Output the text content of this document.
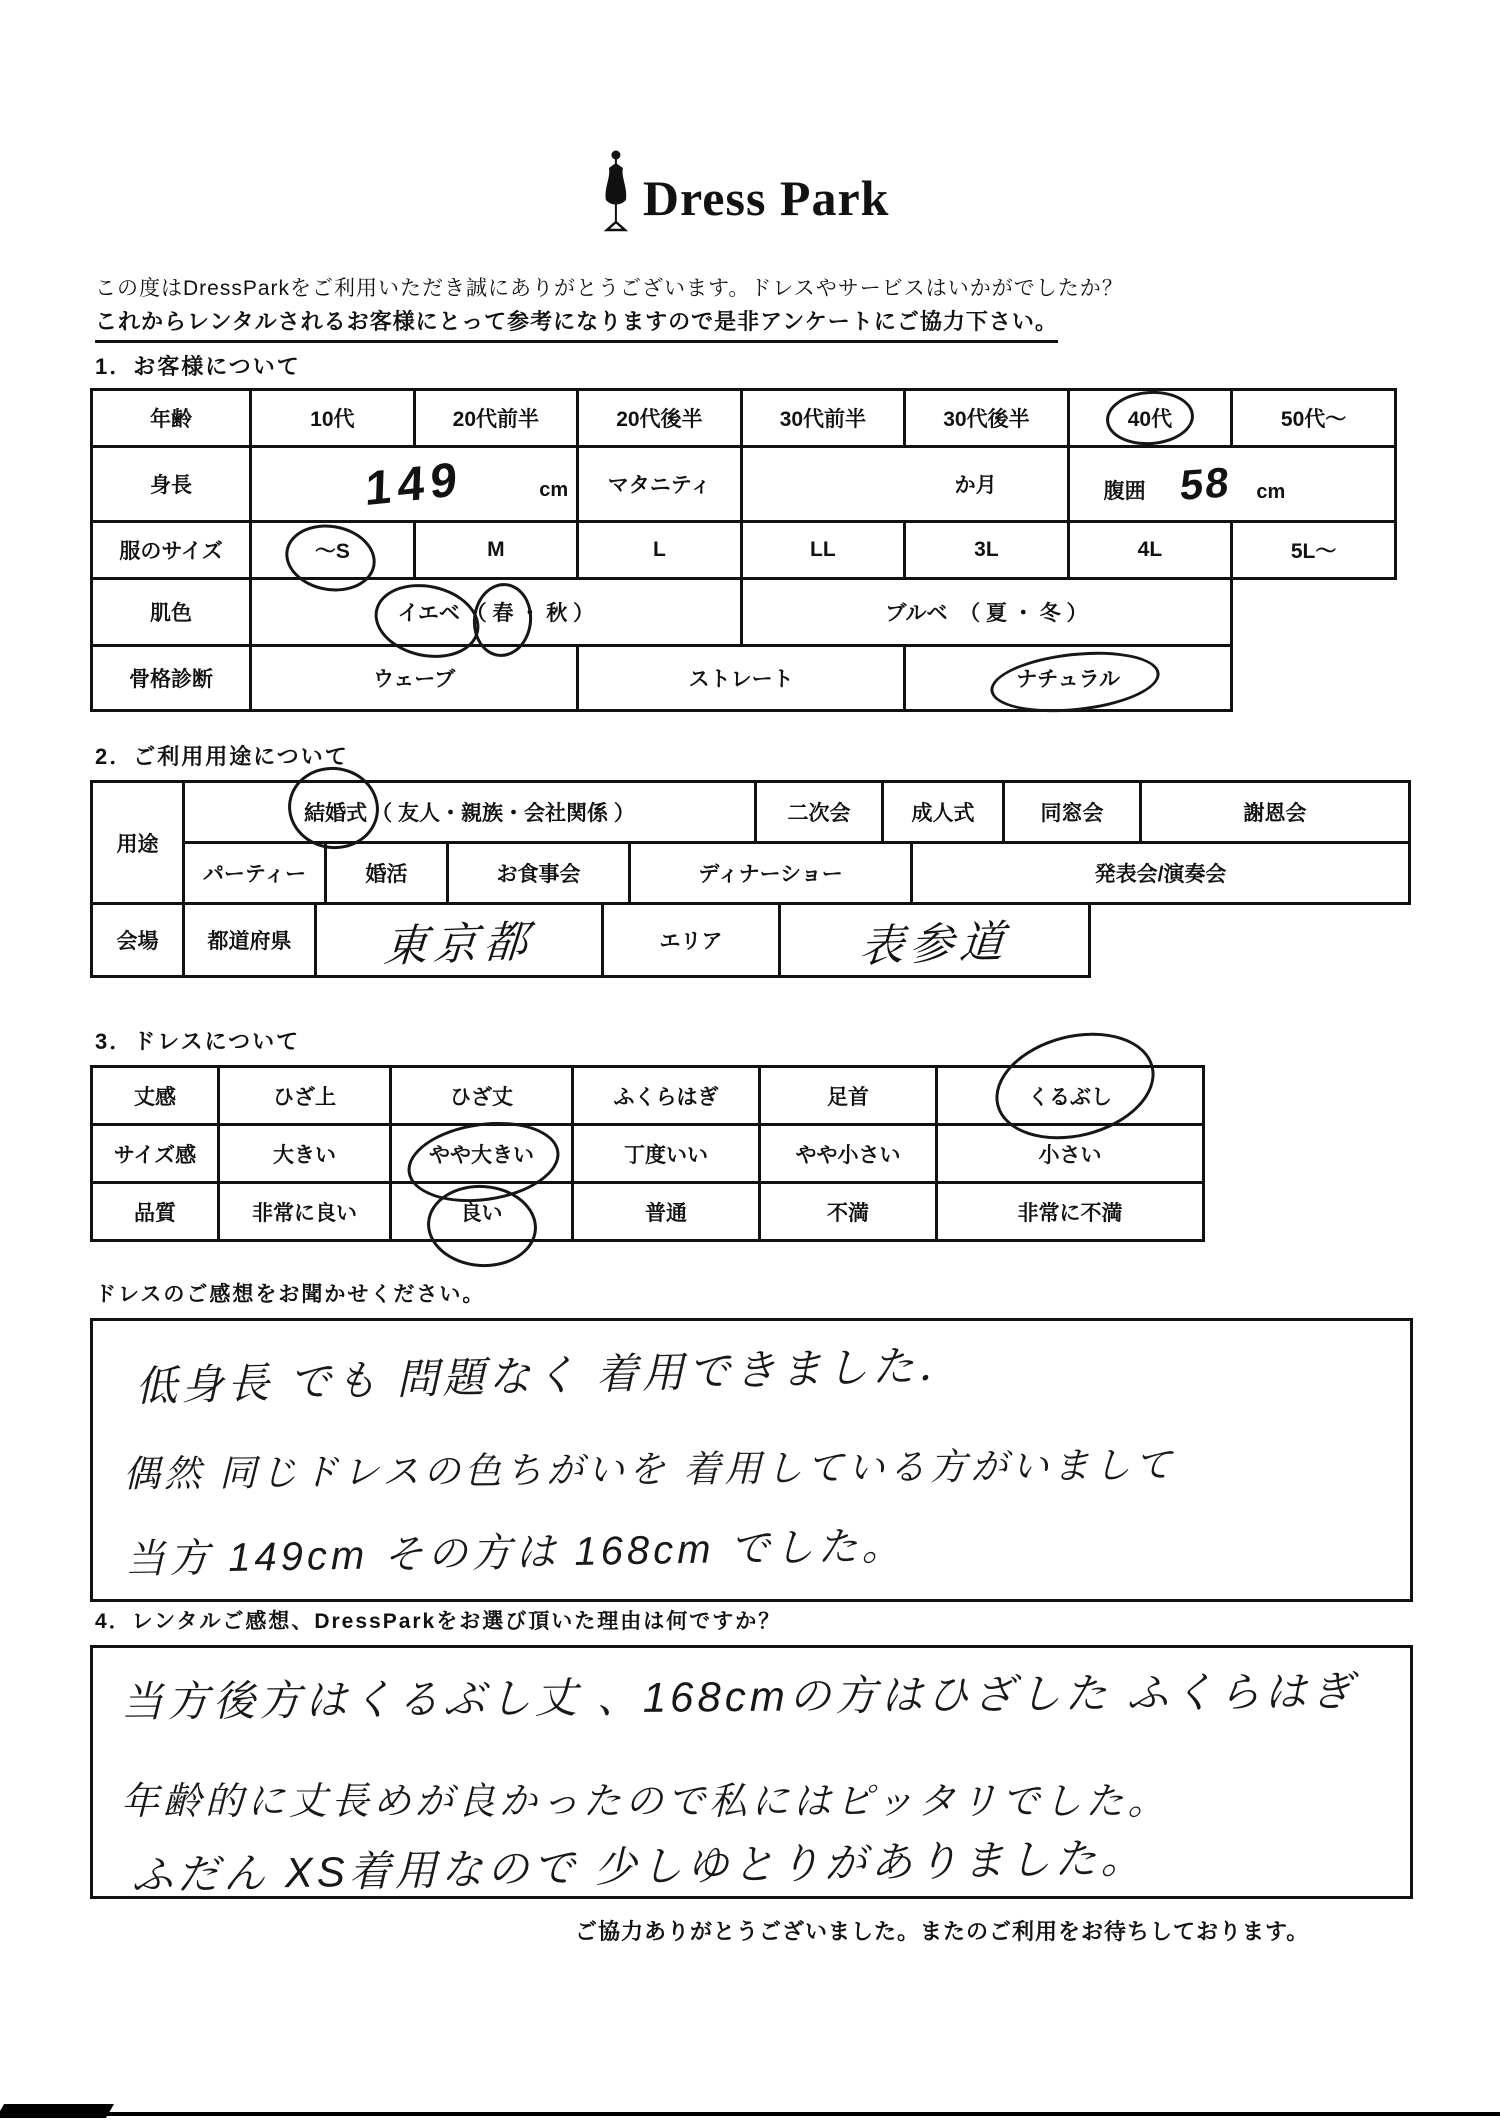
Dress Park
この度はDressParkをご利用いただき誠にありがとうございます。ドレスやサービスはいかがでしたか？
これからレンタルされるお客様にとって参考になりますので是非アンケートにご協力下さい。
1．お客様について
年齢	10代	20代前半	20代後半	30代前半	30代後半	40代	50代〜
身長	149 cm		マタニティ	か月		腹囲 58 cm	
服のサイズ	〜S	M	L	LL	3L	4L	5L〜
肌色	イエベ （ 春 ・ 秋 ）			ブルベ （ 夏 ・ 冬 ）			
骨格診断	ウェーブ		ストレート		ナチュラル	

2．ご利用用途について
用途
結婚式 （ 友人・親族・会社関係 ）	二次会	成人式	同窓会	謝恩会
パーティー	婚活	お食事会	ディナーショー	発表会/演奏会
会場	都道府県	東京都	エリア	表参道
3．ドレスについて
丈感	ひざ上	ひざ丈	ふくらはぎ	足首	くるぶし
サイズ感	大きい	やや大きい	丁度いい	やや小さい	小さい
品質	非常に良い	良い	普通	不満	非常に不満
ドレスのご感想をお聞かせください。
低身長 でも 問題なく 着用できました．
偶然 同じドレスの色ちがいを 着用している方がいまして
当方 149cm その方は 168cm でした。
4．レンタルご感想、DressParkをお選び頂いた理由は何ですか？
当方後方はくるぶし丈 、168cmの方はひざした ふくらはぎ
年齢的に丈長めが良かったので私にはピッタリでした。
ふだん XS着用なので 少しゆとりがありました。
ご協力ありがとうございました。またのご利用をお待ちしております。
